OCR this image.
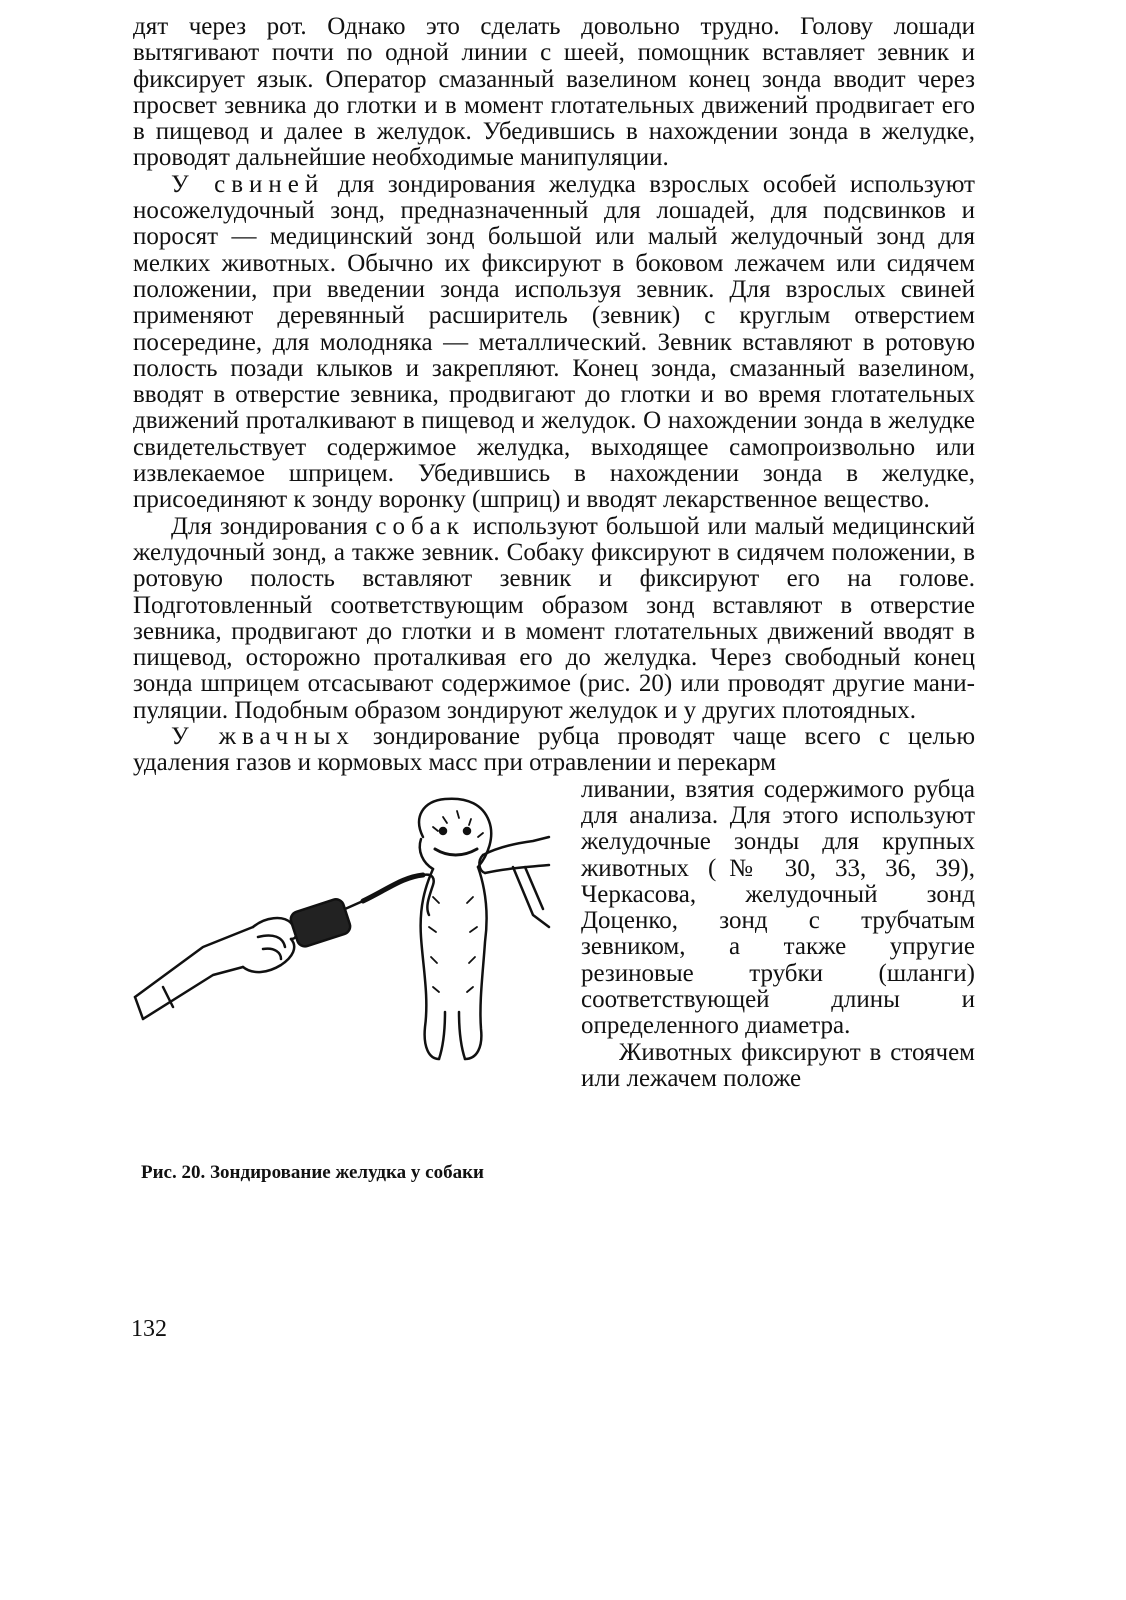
дят через рот. Однако это сделать довольно трудно. Голову лошади вытягивают почти по одной линии с шеей, помощник вставляет зевник и фиксирует язык. Оператор смазанный вазелином конец зонда вводит через просвет зевника до глотки и в момент глотательных движений продвигает его в пищевод и далее в желудок. Убедившись в нахождении зонда в желудке, проводят дальнейшие необходимые манипуляции.

У свиней для зондирования желудка взрослых особей используют носожелудочный зонд, предназначенный для лошадей, для подсвинков и поросят — медицинский зонд большой или малый желудочный зонд для мелких животных. Обычно их фиксируют в боковом лежачем или сидячем положении, при введении зонда используя зевник. Для взрослых свиней применяют деревянный расширитель (зевник) с круглым отверстием посередине, для молодняка — металлический. Зевник вставляют в ротовую полость позади клыков и закрепляют. Конец зонда, смазанный вазелином, вводят в отверстие зевника, продвигают до глотки и во время глотательных движений проталкивают в пищевод и желудок. О нахождении зонда в желудке свидетельствует содержимое желудка, выходящее самопроизвольно или извлекаемое шприцем. Убедившись в нахождении зонда в желудке, присоединяют к зонду воронку (шприц) и вводят лекарственное вещество.

Для зондирования собак используют большой или малый медицинский желудочный зонд, а также зевник. Собаку фиксируют в сидячем положении, в ротовую полость вставляют зевник и фиксируют его на голове. Подготовленный соответствующим образом зонд вставляют в отверстие зевника, продвигают до глотки и в момент глотательных движений вводят в пищевод, осторожно проталкивая его до желудка. Через свободный конец зонда шприцем отсасывают содержимое (рис. 20) или проводят другие манипуляции. Подобным образом зондируют желудок и у других плотоядных.

У жвачных зондирование рубца проводят чаще всего с целью удаления газов и кормовых масс при отравлении и перекарм

Рис. 20. Зондирование желудка у собаки

ливании, взятия содержимого рубца для анализа. Для этого используют желудочные зонды для крупных животных (№ 30, 33, 36, 39), Черкасова, желудочный зонд Доценко, зонд с трубчатым зевником, а также упругие резиновые трубки (шланги) соответствующей длины и определенного диаметра.

Животных фиксируют в стоячем или лежачем положе

132
